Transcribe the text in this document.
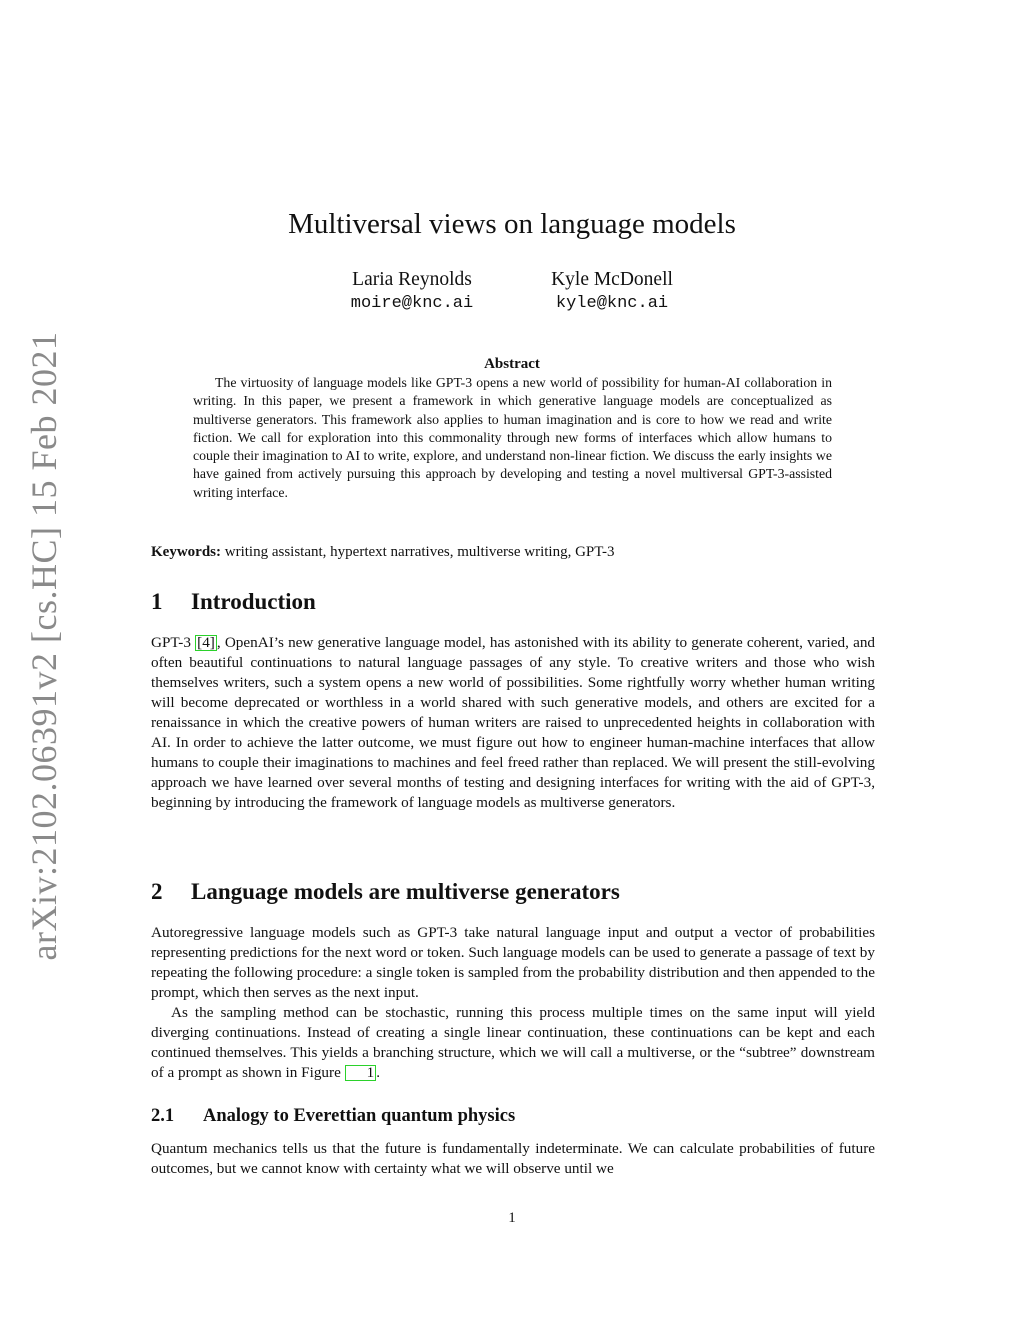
arXiv:2102.06391v2 [cs.HC] 15 Feb 2021
Multiversal views on language models
Laria Reynolds
moire@knc.ai
Kyle McDonell
kyle@knc.ai
Abstract

The virtuosity of language models like GPT-3 opens a new world of possibility for human-AI collaboration in writing. In this paper, we present a framework in which generative language models are conceptualized as multiverse generators. This framework also applies to human imagination and is core to how we read and write fiction. We call for exploration into this commonality through new forms of interfaces which allow humans to couple their imagination to AI to write, explore, and understand non-linear fiction. We discuss the early insights we have gained from actively pursuing this approach by developing and testing a novel multiversal GPT-3-assisted writing interface.

Keywords: writing assistant, hypertext narratives, multiverse writing, GPT-3

1 Introduction

GPT-3 [4] , OpenAI’s new generative language model, has astonished with its ability to generate coherent, varied, and often beautiful continuations to natural language passages of any style. To creative writers and those who wish themselves writers, such a system opens a new world of possibilities. Some rightfully worry whether human writing will become deprecated or worthless in a world shared with such generative models, and others are excited for a renaissance in which the creative powers of human writers are raised to unprecedented heights in collaboration with AI. In order to achieve the latter outcome, we must figure out how to engineer human-machine interfaces that allow humans to couple their imaginations to machines and feel freed rather than replaced. We will present the still-evolving approach we have learned over several months of testing and designing interfaces for writing with the aid of GPT-3, beginning by introducing the framework of language models as multiverse generators.

2 Language models are multiverse generators

Autoregressive language models such as GPT-3 take natural language input and output a vector of probabilities representing predictions for the next word or token. Such language models can be used to generate a passage of text by repeating the following procedure: a single token is sampled from the probability distribution and then appended to the prompt, which then serves as the next input.

As the sampling method can be stochastic, running this process multiple times on the same input will yield diverging continuations. Instead of creating a single linear continuation, these continuations can be kept and each continued themselves. This yields a branching structure, which we will call a multiverse, or the “subtree” downstream of a prompt as shown in Figure 1 .

2.1 Analogy to Everettian quantum physics

Quantum mechanics tells us that the future is fundamentally indeterminate. We can calculate probabilities of future outcomes, but we cannot know with certainty what we will observe until we

1
